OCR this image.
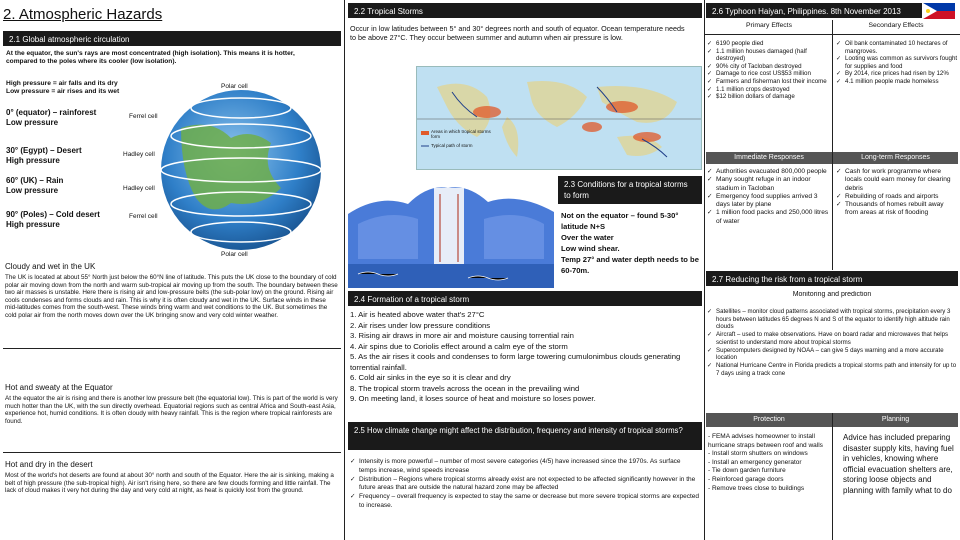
2. Atmospheric Hazards
2.1 Global atmospheric circulation
At the equator, the sun's rays are most concentrated (high isolation). This means it is hotter, compared to the poles where its cooler (low isolation).
High pressure = air falls and its dry
Low pressure = air rises and its wet
0° (equator) – rainforest
Low pressure
30° (Egypt) – Desert
High pressure
60° (UK) – Rain
Low pressure
90° (Poles) – Cold desert
High pressure
Polar cell
Ferrel cell
Hadley cell
Hadley cell
Ferrel cell
Polar cell
Cloudy and wet in the UK
The UK is located at about 55° North just below the 60°N line of latitude. This puts the UK close to the boundary of cold polar air moving down from the north and warm sub-tropical air moving up from the south. The boundary between these two air masses is unstable. Here there is rising air and low-pressure belts (the sub-polar low) on the ground. Rising air cools condenses and forms clouds and rain. This is why it is often cloudy and wet in the UK. Surface winds in these mid-latitudes comes from the south-west. These winds bring warm and wet conditions to the UK. But sometimes the cold polar air from the north moves down over the UK bringing snow and very cold winter weather.
Hot and sweaty at the Equator
At the equator the air is rising and there is another low pressure belt (the equatorial low). This is part of the world is very much hotter than the UK, with the sun directly overhead. Equatorial regions such as central Africa and South-east Asia, experience hot, humid conditions. It is often cloudy with heavy rainfall. This is the region where tropical rainforests are found.
Hot and dry in the desert
Most of the world's hot deserts are found at about 30° north and south of the Equator. Here the air is sinking, making a belt of high pressure (the sub-tropical high). Air isn't rising here, so there are few clouds forming and little rainfall. The lack of cloud makes it very hot during the day and very cold at night, as heat is quickly lost from the ground.
2.2 Tropical Storms
Occur in low latitudes between 5° and 30° degrees north and south of equator. Ocean temperature needs to be above 27°C. They occur between summer and autumn when air pressure is low.
Areas in which tropical storms form
Typical path of storm
2.3 Conditions for a tropical storms to form
Not on the equator – found 5-30° latitude N+S
Over the water
Low wind shear.
Temp 27° and water depth needs to be 60-70m.
2.4 Formation of a tropical storm
1. Air is heated above water that's 27°C
2. Air rises under low pressure conditions
3. Rising air draws in more air and moisture causing torrential rain
4. Air spins due to Coriolis effect around a calm eye of the storm
5. As the air rises it cools and condenses to form large towering cumulonimbus clouds generating torrential rainfall.
6. Cold air sinks in the eye so it is clear and dry
8. The tropical storm travels across the ocean in the prevailing wind
9. On meeting land, it loses source of heat and moisture so loses power.
2.5 How climate change might affect the distribution, frequency and intensity of tropical storms?
✓ Intensity is more powerful – number of most severe categories (4/5) have increased since the 1970s. As surface temps increase, wind speeds increase
✓ Distribution – Regions where tropical storms already exist are not expected to be affected significantly however in the future areas that are outside the natural hazard zone may be affected
✓ Frequency – overall frequency is expected to stay the same or decrease but more severe tropical storms are expected to increase.
2.6 Typhoon Haiyan, Philippines. 8th November 2013
Primary Effects	Secondary Effects
✓ 6190 people died
✓ 1.1 million houses damaged (half destroyed)
✓ 90% city of Tacloban destroyed
✓ Damage to rice cost US$53 million
✓ Farmers and fisherman lost their income
✓ 1.1 million crops destroyed
✓ $12 billion dollars of damage
✓ Oil bank contaminated 10 hectares of mangroves.
✓ Looting was common as survivors fought for supplies and food
✓ By 2014, rice prices had risen by 12%
✓ 4.1 million people made homeless
Immediate Responses	Long-term Responses
✓ Authorities evacuated 800,000 people
✓ Many sought refuge in an indoor stadium in Tacloban
✓ Emergency food supplies arrived 3 days later by plane
✓ 1 million food packs and 250,000 litres of water
✓ Cash for work programme where locals could earn money for clearing debris
✓ Rebuilding of roads and airports
✓ Thousands of homes rebuilt away from areas at risk of flooding
2.7 Reducing the risk from a tropical storm
Monitoring and prediction
✓ Satellites – monitor cloud patterns associated with tropical storms, precipitation every 3 hours between latitudes 65 degrees N and S of the equator to identify high altitude rain clouds
✓ Aircraft – used to make observations. Have on board radar and microwaves that helps scientist to understand more about tropical storms
✓ Supercomputers designed by NOAA – can give 5 days warning and a more accurate location
✓ National Hurricane Centre in Florida predicts a tropical storms path and intensity for up to 7 days using a track cone
Protection	Planning
- FEMA advises homeowner to install hurricane straps between roof and walls
- Install storm shutters on windows
- Install an emergency generator
- Tie down garden furniture
- Reinforced garage doors
- Remove trees close to buildings
Advice has included preparing disaster supply kits, having fuel in vehicles, knowing where official evacuation shelters are, storing loose objects and planning with family what to do
